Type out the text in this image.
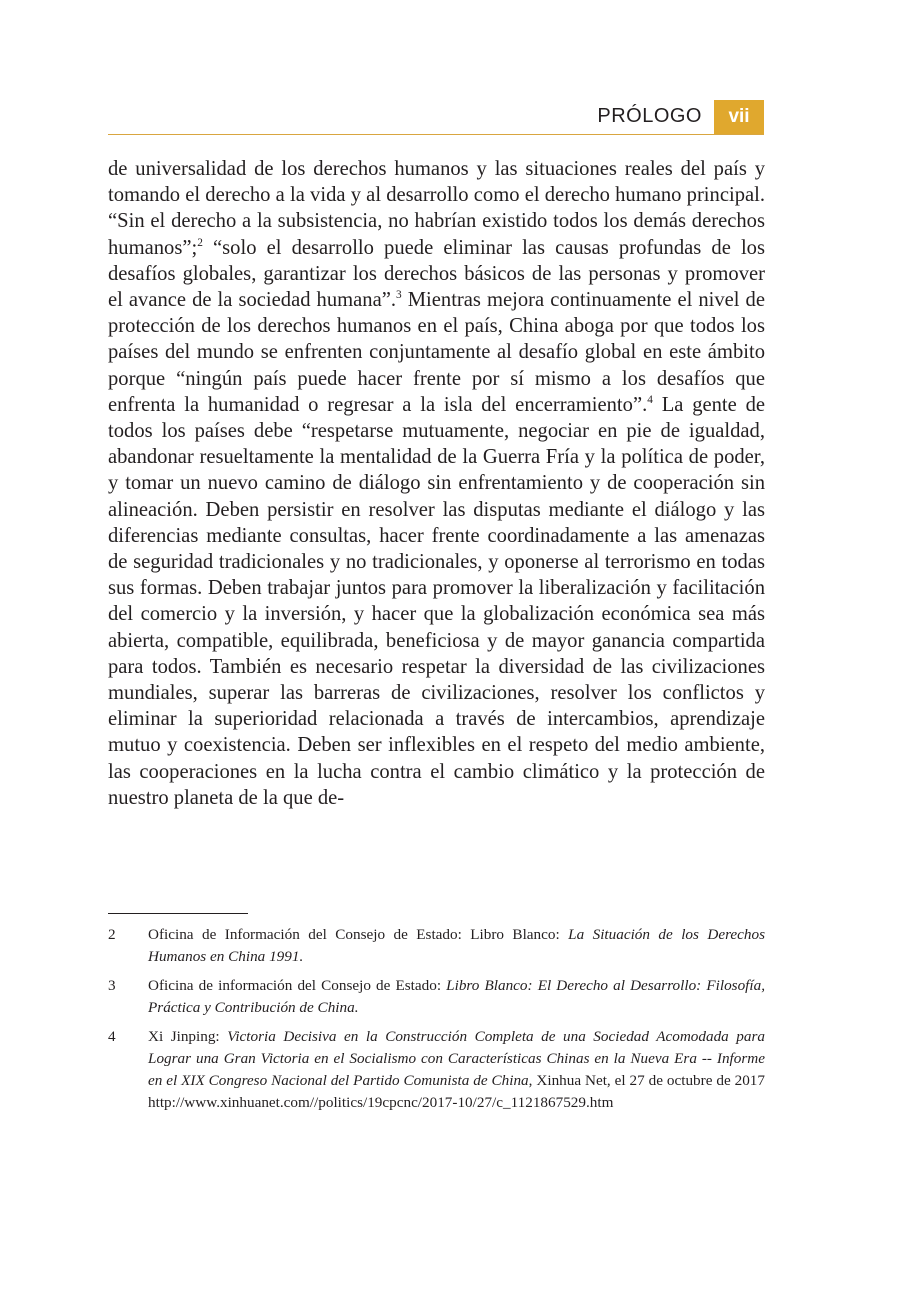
PRÓLOGO	vii

de universalidad de los derechos humanos y las situaciones reales del país y tomando el derecho a la vida y al desarrollo como el derecho humano principal. “Sin el derecho a la subsistencia, no habrían existido todos los demás derechos humanos”;$^2$ “solo el desarrollo puede eliminar las causas profundas de los desafíos globales, garantizar los derechos básicos de las personas y promover el avance de la sociedad humana”.$^3$ Mientras mejora continuamente el nivel de protección de los derechos humanos en el país, China aboga por que todos los países del mundo se enfrenten conjuntamente al desafío global en este ámbito porque “ningún país puede hacer frente por sí mismo a los desafíos que enfrenta la humanidad o regresar a la isla del encerramiento”.$^4$ La gente de todos los países debe “respetarse mutuamente, negociar en pie de igualdad, abandonar resueltamente la mentalidad de la Guerra Fría y la política de poder, y tomar un nuevo camino de diálogo sin enfrentamiento y de cooperación sin alineación. Deben persistir en resolver las disputas mediante el diálogo y las diferencias mediante consultas, hacer frente coordinadamente a las amenazas de seguridad tradicionales y no tradicionales, y oponerse al terrorismo en todas sus formas. Deben trabajar juntos para promover la liberalización y facilitación del comercio y la inversión, y hacer que la globalización económica sea más abierta, compatible, equilibrada, beneficiosa y de mayor ganancia compartida para todos. También es necesario respetar la diversidad de las civilizaciones mundiales, superar las barreras de civilizaciones, resolver los conflictos y eliminar la superioridad relacionada a través de intercambios, aprendizaje mutuo y coexistencia. Deben ser inflexibles en el respeto del medio ambiente, las cooperaciones en la lucha contra el cambio climático y la protección de nuestro planeta de la que de-

2	Oficina de Información del Consejo de Estado: Libro Blanco: La Situación de los Derechos Humanos en China 1991.
3	Oficina de información del Consejo de Estado: Libro Blanco: El Derecho al Desarrollo: Filosofía, Práctica y Contribución de China.
4	Xi Jinping: Victoria Decisiva en la Construcción Completa de una Sociedad Acomodada para Lograr una Gran Victoria en el Socialismo con Características Chinas en la Nueva Era -- Informe en el XIX Congreso Nacional del Partido Comunista de China, Xinhua Net, el 27 de octubre de 2017 http://www.xinhuanet.com//politics/19cpcnc/2017-10/27/c_1121867529.htm
